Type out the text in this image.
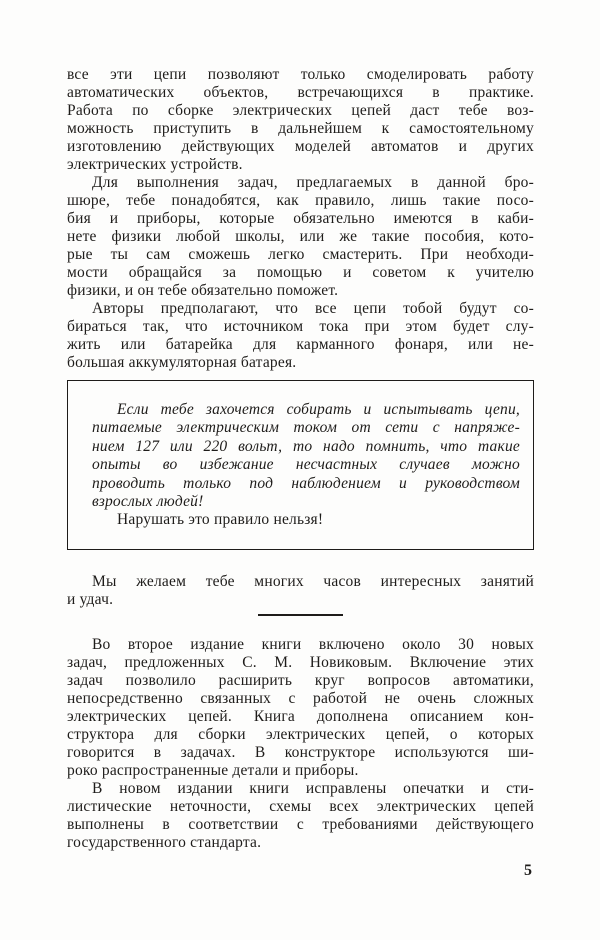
все эти цепи позволяют только смоделировать работу
автоматических объектов, встречающихся в практике.
Работа по сборке электрических цепей даст тебе воз-
можность приступить в дальнейшем к самостоятельному
изготовлению действующих моделей автоматов и других
электрических устройств.
Для выполнения задач, предлагаемых в данной бро-
шюре, тебе понадобятся, как правило, лишь такие посо-
бия и приборы, которые обязательно имеются в каби-
нете физики любой школы, или же такие пособия, кото-
рые ты сам сможешь легко смастерить. При необходи-
мости обращайся за помощью и советом к учителю
физики, и он тебе обязательно поможет.
Авторы предполагают, что все цепи тобой будут со-
бираться так, что источником тока при этом будет слу-
жить или батарейка для карманного фонаря, или не-
большая аккумуляторная батарея.
Если тебе захочется собирать и испытывать цепи,
питаемые электрическим током от сети с напряже-
нием 127 или 220 вольт, то надо помнить, что такие
опыты во избежание несчастных случаев можно
проводить только под наблюдением и руководством
взрослых людей!
Нарушать это правило нельзя!
Мы желаем тебе многих часов интересных занятий
и удач.
Во второе издание книги включено около 30 новых
задач, предложенных С. М. Новиковым. Включение этих
задач позволило расширить круг вопросов автоматики,
непосредственно связанных с работой не очень сложных
электрических цепей. Книга дополнена описанием кон-
структора для сборки электрических цепей, о которых
говорится в задачах. В конструкторе используются ши-
роко распространенные детали и приборы.
В новом издании книги исправлены опечатки и сти-
листические неточности, схемы всех электрических цепей
выполнены в соответствии с требованиями действующего
государственного стандарта.
5
